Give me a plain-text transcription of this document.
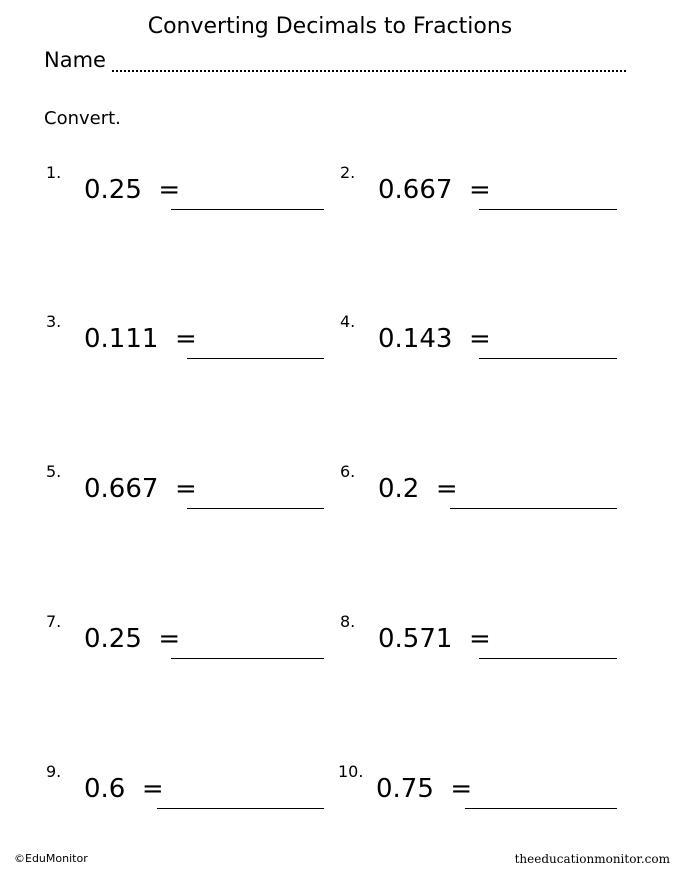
Converting Decimals to Fractions
Name
Convert.
1.
0.25  =
2.
0.667  =
3.
0.111  =
4.
0.143  =
5.
0.667  =
6.
0.2  =
7.
0.25  =
8.
0.571  =
9.
0.6  =
10.
0.75  =
©EduMonitor	theeducationmonitor.com
